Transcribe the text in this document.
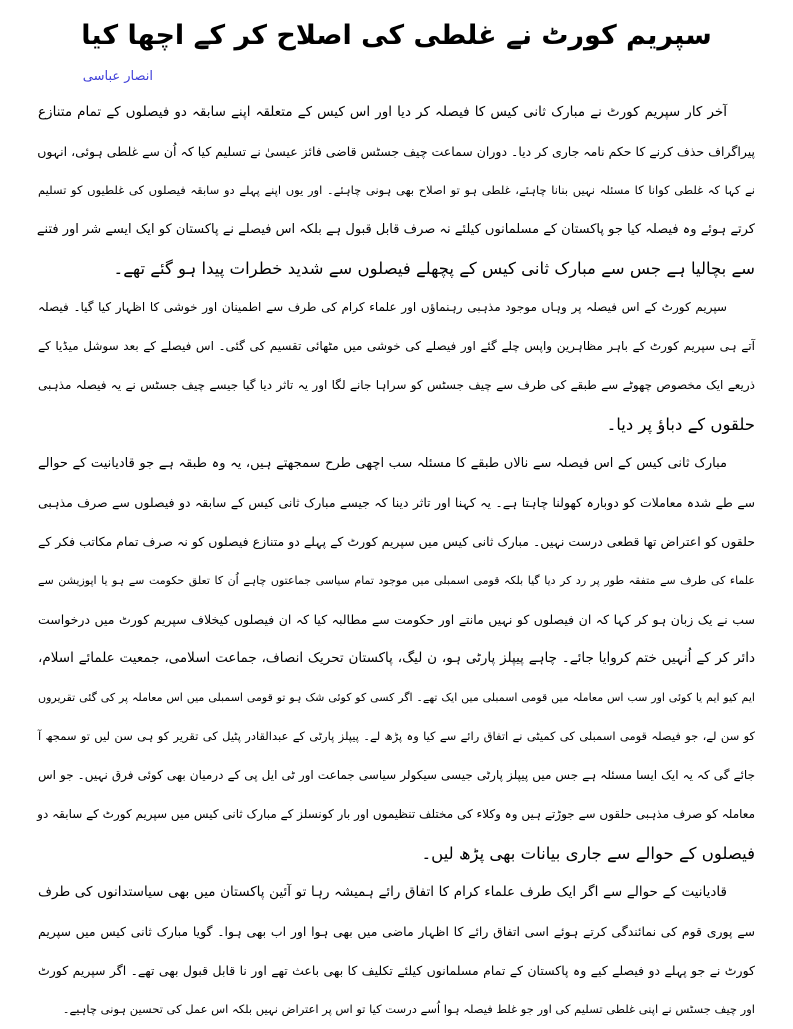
سپریم کورٹ نے غلطی کی اصلاح کر کے اچھا کیا
انصار عباسی
آخر کار سپریم کورٹ نے مبارک ثانی کیس کا فیصلہ کر دیا اور اس کیس کے متعلقہ اپنے سابقہ دو فیصلوں کے تمام متنازع
پیراگراف حذف کرنے کا حکم نامہ جاری کر دیا۔ دوران سماعت چیف جسٹس قاضی فائز عیسیٰ نے تسلیم کیا کہ اُن سے غلطی ہوئی، انہوں
نے کہا کہ غلطی کوانا کا مسئلہ نہیں بنانا چاہئے، غلطی ہو تو اصلاح بھی ہونی چاہئے۔ اور یوں اپنے پہلے دو سابقہ فیصلوں کی غلطیوں کو تسلیم
کرتے ہوئے وہ فیصلہ کیا جو پاکستان کے مسلمانوں کیلئے نہ صرف قابل قبول ہے بلکہ اس فیصلے نے پاکستان کو ایک ایسے شر اور فتنے
سے بچالیا ہے جس سے مبارک ثانی کیس کے پچھلے فیصلوں سے شدید خطرات پیدا ہو گئے تھے۔
سپریم کورٹ کے اس فیصلہ پر وہاں موجود مذہبی رہنماؤں اور علماء کرام کی طرف سے اطمینان اور خوشی کا اظہار کیا گیا۔ فیصلہ
آتے ہی سپریم کورٹ کے باہر مظاہرین واپس چلے گئے اور فیصلے کی خوشی میں مٹھائی تقسیم کی گئی۔ اس فیصلے کے بعد سوشل میڈیا کے
ذریعے ایک مخصوص چھوٹے سے طبقے کی طرف سے چیف جسٹس کو سراہا جانے لگا اور یہ تاثر دیا گیا جیسے چیف جسٹس نے یہ فیصلہ مذہبی
حلقوں کے دباؤ پر دیا۔
مبارک ثانی کیس کے اس فیصلہ سے نالاں طبقے کا مسئلہ سب اچھی طرح سمجھتے ہیں، یہ وہ طبقہ ہے جو قادیانیت کے حوالے
سے طے شدہ معاملات کو دوبارہ کھولنا چاہتا ہے۔ یہ کہنا اور تاثر دینا کہ جیسے مبارک ثانی کیس کے سابقہ دو فیصلوں سے صرف مذہبی
حلقوں کو اعتراض تھا قطعی درست نہیں۔ مبارک ثانی کیس میں سپریم کورٹ کے پہلے دو متنازع فیصلوں کو نہ صرف تمام مکاتب فکر کے
علماء کی طرف سے متفقہ طور پر رد کر دیا گیا بلکہ قومی اسمبلی میں موجود تمام سیاسی جماعتوں چاہے اُن کا تعلق حکومت سے ہو یا اپوزیشن سے
سب نے یک زبان ہو کر کہا کہ ان فیصلوں کو نہیں مانتے اور حکومت سے مطالبہ کیا کہ ان فیصلوں کیخلاف سپریم کورٹ میں درخواست
دائر کر کے اُنہیں ختم کروایا جائے۔ چاہے پیپلز پارٹی ہو، ن لیگ، پاکستان تحریک انصاف، جماعت اسلامی، جمعیت علمائے اسلام،
ایم کیو ایم یا کوئی اور سب اس معاملہ میں قومی اسمبلی میں ایک تھے۔ اگر کسی کو کوئی شک ہو تو قومی اسمبلی میں اس معاملہ پر کی گئی تقریروں
کو سن لے، جو فیصلہ قومی اسمبلی کی کمیٹی نے اتفاق رائے سے کیا وہ پڑھ لے۔ پیپلز پارٹی کے عبدالقادر پٹیل کی تقریر کو ہی سن لیں تو سمجھ آ
جائے گی کہ یہ ایک ایسا مسئلہ ہے جس میں پیپلز پارٹی جیسی سیکولر سیاسی جماعت اور ٹی ایل پی کے درمیان بھی کوئی فرق نہیں۔ جو اس
معاملہ کو صرف مذہبی حلقوں سے جوڑتے ہیں وہ وکلاء کی مختلف تنظیموں اور بار کونسلز کے مبارک ثانی کیس میں سپریم کورٹ کے سابقہ دو
فیصلوں کے حوالے سے جاری بیانات بھی پڑھ لیں۔
قادیانیت کے حوالے سے اگر ایک طرف علماء کرام کا اتفاق رائے ہمیشہ رہا تو آئین پاکستان میں بھی سیاستدانوں کی طرف
سے پوری قوم کی نمائندگی کرتے ہوئے اسی اتفاق رائے کا اظہار ماضی میں بھی ہوا اور اب بھی ہوا۔ گویا مبارک ثانی کیس میں سپریم
کورٹ نے جو پہلے دو فیصلے کیے وہ پاکستان کے تمام مسلمانوں کیلئے تکلیف کا بھی باعث تھے اور نا قابل قبول بھی تھے۔ اگر سپریم کورٹ
اور چیف جسٹس نے اپنی غلطی تسلیم کی اور جو غلط فیصلہ ہوا اُسے درست کیا تو اس پر اعتراض نہیں بلکہ اس عمل کی تحسین ہونی چاہیے۔
